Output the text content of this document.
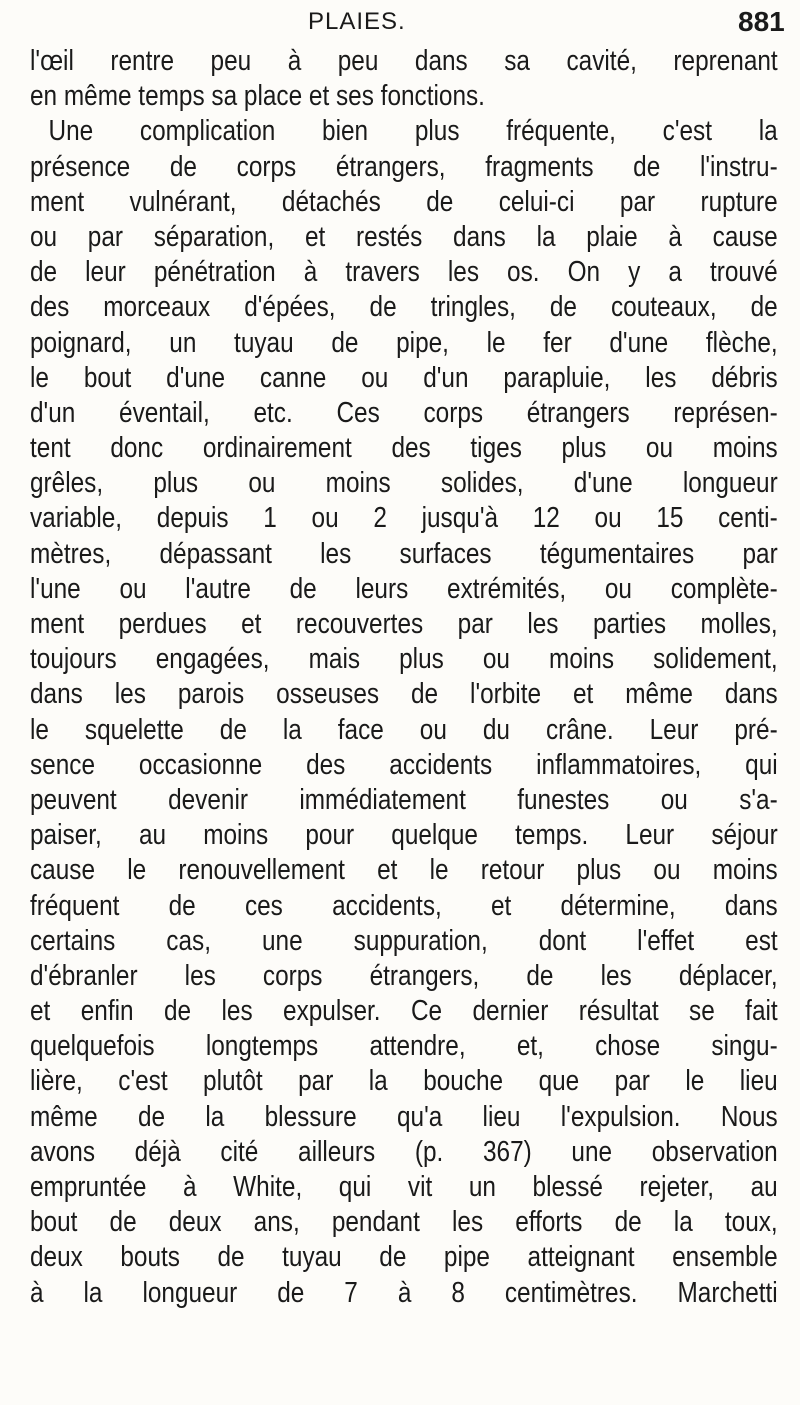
PLAIES.	881
l'œil rentre peu à peu dans sa cavité, reprenant
en même temps sa place et ses fonctions.
Une complication bien plus fréquente, c'est la
présence de corps étrangers, fragments de l'instru-
ment vulnérant, détachés de celui-ci par rupture
ou par séparation, et restés dans la plaie à cause
de leur pénétration à travers les os. On y a trouvé
des morceaux d'épées, de tringles, de couteaux, de
poignard, un tuyau de pipe, le fer d'une flèche,
le bout d'une canne ou d'un parapluie, les débris
d'un éventail, etc. Ces corps étrangers représen-
tent donc ordinairement des tiges plus ou moins
grêles, plus ou moins solides, d'une longueur
variable, depuis 1 ou 2 jusqu'à 12 ou 15 centi-
mètres, dépassant les surfaces tégumentaires par
l'une ou l'autre de leurs extrémités, ou complète-
ment perdues et recouvertes par les parties molles,
toujours engagées, mais plus ou moins solidement,
dans les parois osseuses de l'orbite et même dans
le squelette de la face ou du crâne. Leur pré-
sence occasionne des accidents inflammatoires, qui
peuvent devenir immédiatement funestes ou s'a-
paiser, au moins pour quelque temps. Leur séjour
cause le renouvellement et le retour plus ou moins
fréquent de ces accidents, et détermine, dans
certains cas, une suppuration, dont l'effet est
d'ébranler les corps étrangers, de les déplacer,
et enfin de les expulser. Ce dernier résultat se fait
quelquefois longtemps attendre, et, chose singu-
lière, c'est plutôt par la bouche que par le lieu
même de la blessure qu'a lieu l'expulsion. Nous
avons déjà cité ailleurs (p. 367) une observation
empruntée à White, qui vit un blessé rejeter, au
bout de deux ans, pendant les efforts de la toux,
deux bouts de tuyau de pipe atteignant ensemble
à la longueur de 7 à 8 centimètres. Marchetti
